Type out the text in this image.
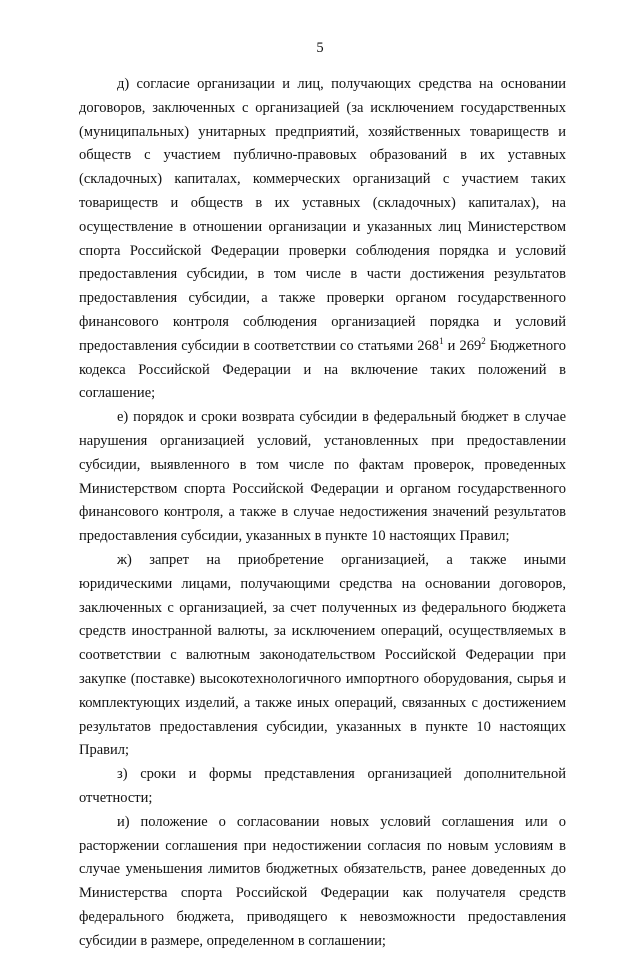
5

д) согласие организации и лиц, получающих средства на основании договоров, заключенных с организацией (за исключением государственных (муниципальных) унитарных предприятий, хозяйственных товариществ и обществ с участием публично-правовых образований в их уставных (складочных) капиталах, коммерческих организаций с участием таких товариществ и обществ в их уставных (складочных) капиталах), на осуществление в отношении организации и указанных лиц Министерством спорта Российской Федерации проверки соблюдения порядка и условий предоставления субсидии, в том числе в части достижения результатов предоставления субсидии, а также проверки органом государственного финансового контроля соблюдения организацией порядка и условий предоставления субсидии в соответствии со статьями $268^1$ и $269^2$ Бюджетного кодекса Российской Федерации и на включение таких положений в соглашение;

е) порядок и сроки возврата субсидии в федеральный бюджет в случае нарушения организацией условий, установленных при предоставлении субсидии, выявленного в том числе по фактам проверок, проведенных Министерством спорта Российской Федерации и органом государственного финансового контроля, а также в случае недостижения значений результатов предоставления субсидии, указанных в пункте 10 настоящих Правил;

ж) запрет на приобретение организацией, а также иными юридическими лицами, получающими средства на основании договоров, заключенных с организацией, за счет полученных из федерального бюджета средств иностранной валюты, за исключением операций, осуществляемых в соответствии с валютным законодательством Российской Федерации при закупке (поставке) высокотехнологичного импортного оборудования, сырья и комплектующих изделий, а также иных операций, связанных с достижением результатов предоставления субсидии, указанных в пункте 10 настоящих Правил;

з) сроки и формы представления организацией дополнительной отчетности;

и) положение о согласовании новых условий соглашения или о расторжении соглашения при недостижении согласия по новым условиям в случае уменьшения лимитов бюджетных обязательств, ранее доведенных до Министерства спорта Российской Федерации как получателя средств федерального бюджета, приводящего к невозможности предоставления субсидии в размере, определенном в соглашении;
